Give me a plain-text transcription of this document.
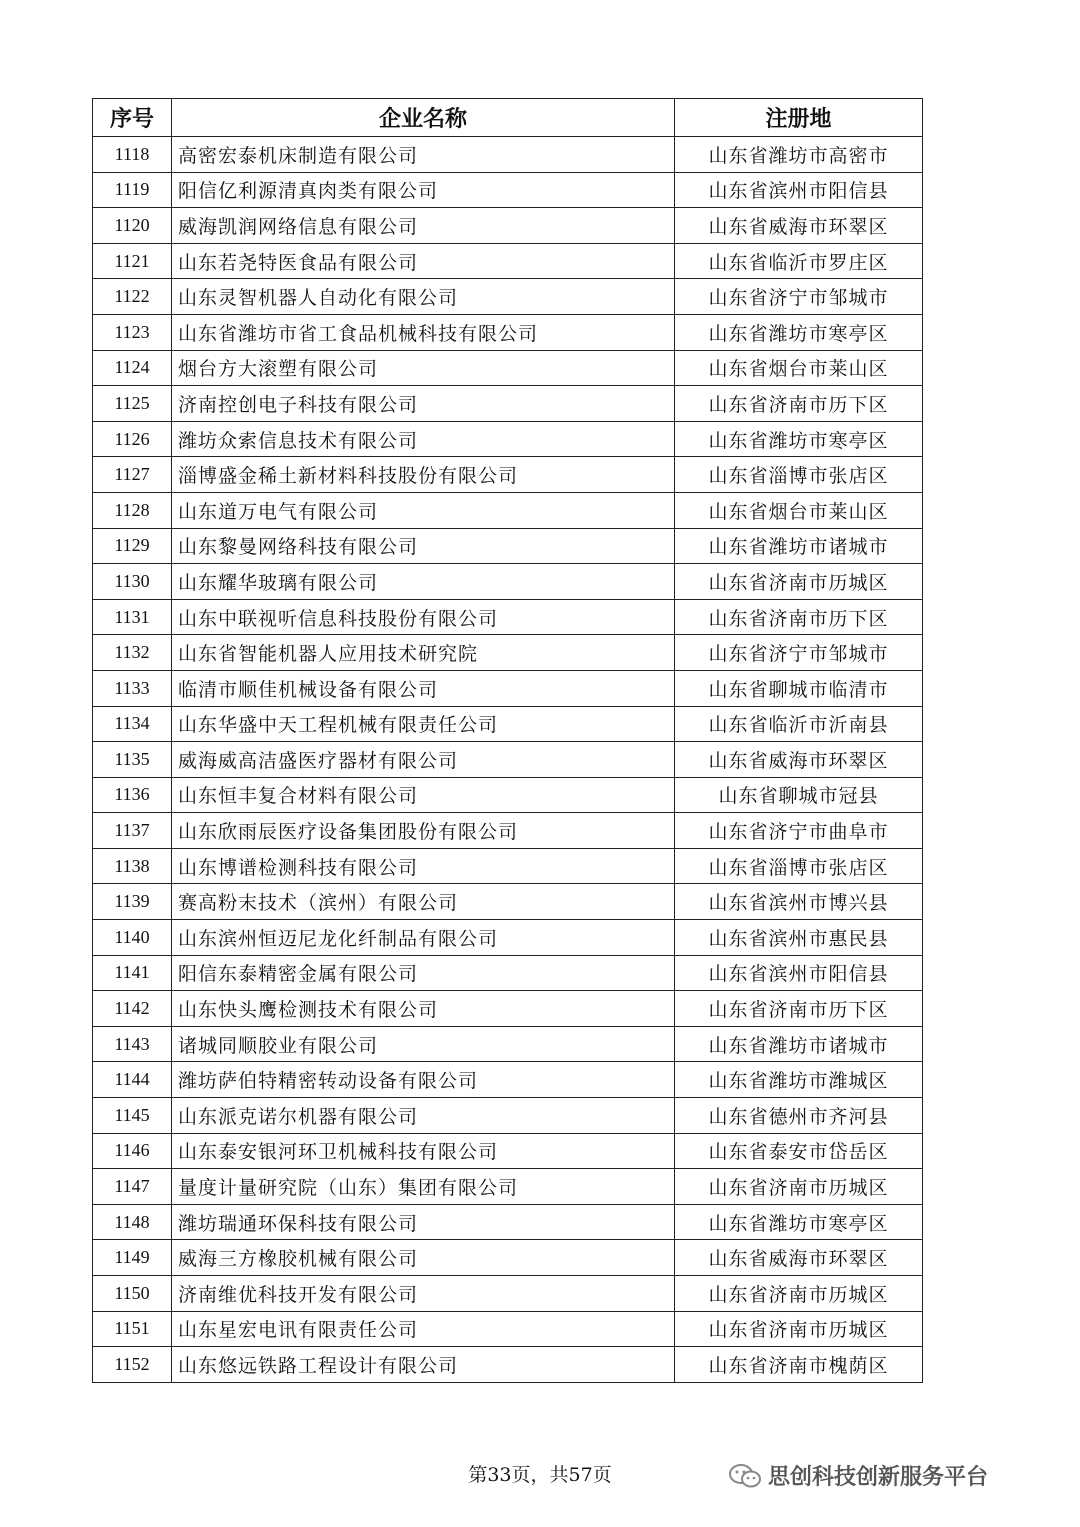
序号	企业名称	注册地
1118	高密宏泰机床制造有限公司	山东省潍坊市高密市
1119	阳信亿利源清真肉类有限公司	山东省滨州市阳信县
1120	威海凯润网络信息有限公司	山东省威海市环翠区
1121	山东若尧特医食品有限公司	山东省临沂市罗庄区
1122	山东灵智机器人自动化有限公司	山东省济宁市邹城市
1123	山东省潍坊市省工食品机械科技有限公司	山东省潍坊市寒亭区
1124	烟台方大滚塑有限公司	山东省烟台市莱山区
1125	济南控创电子科技有限公司	山东省济南市历下区
1126	潍坊众索信息技术有限公司	山东省潍坊市寒亭区
1127	淄博盛金稀土新材料科技股份有限公司	山东省淄博市张店区
1128	山东道万电气有限公司	山东省烟台市莱山区
1129	山东黎曼网络科技有限公司	山东省潍坊市诸城市
1130	山东耀华玻璃有限公司	山东省济南市历城区
1131	山东中联视听信息科技股份有限公司	山东省济南市历下区
1132	山东省智能机器人应用技术研究院	山东省济宁市邹城市
1133	临清市顺佳机械设备有限公司	山东省聊城市临清市
1134	山东华盛中天工程机械有限责任公司	山东省临沂市沂南县
1135	威海威高洁盛医疗器材有限公司	山东省威海市环翠区
1136	山东恒丰复合材料有限公司	山东省聊城市冠县
1137	山东欣雨辰医疗设备集团股份有限公司	山东省济宁市曲阜市
1138	山东博谱检测科技有限公司	山东省淄博市张店区
1139	赛高粉末技术（滨州）有限公司	山东省滨州市博兴县
1140	山东滨州恒迈尼龙化纤制品有限公司	山东省滨州市惠民县
1141	阳信东泰精密金属有限公司	山东省滨州市阳信县
1142	山东快头鹰检测技术有限公司	山东省济南市历下区
1143	诸城同顺胶业有限公司	山东省潍坊市诸城市
1144	潍坊萨伯特精密转动设备有限公司	山东省潍坊市潍城区
1145	山东派克诺尔机器有限公司	山东省德州市齐河县
1146	山东泰安银河环卫机械科技有限公司	山东省泰安市岱岳区
1147	量度计量研究院（山东）集团有限公司	山东省济南市历城区
1148	潍坊瑞通环保科技有限公司	山东省潍坊市寒亭区
1149	威海三方橡胶机械有限公司	山东省威海市环翠区
1150	济南维优科技开发有限公司	山东省济南市历城区
1151	山东星宏电讯有限责任公司	山东省济南市历城区
1152	山东悠远铁路工程设计有限公司	山东省济南市槐荫区
第33页，共57页	思创科技创新服务平台
